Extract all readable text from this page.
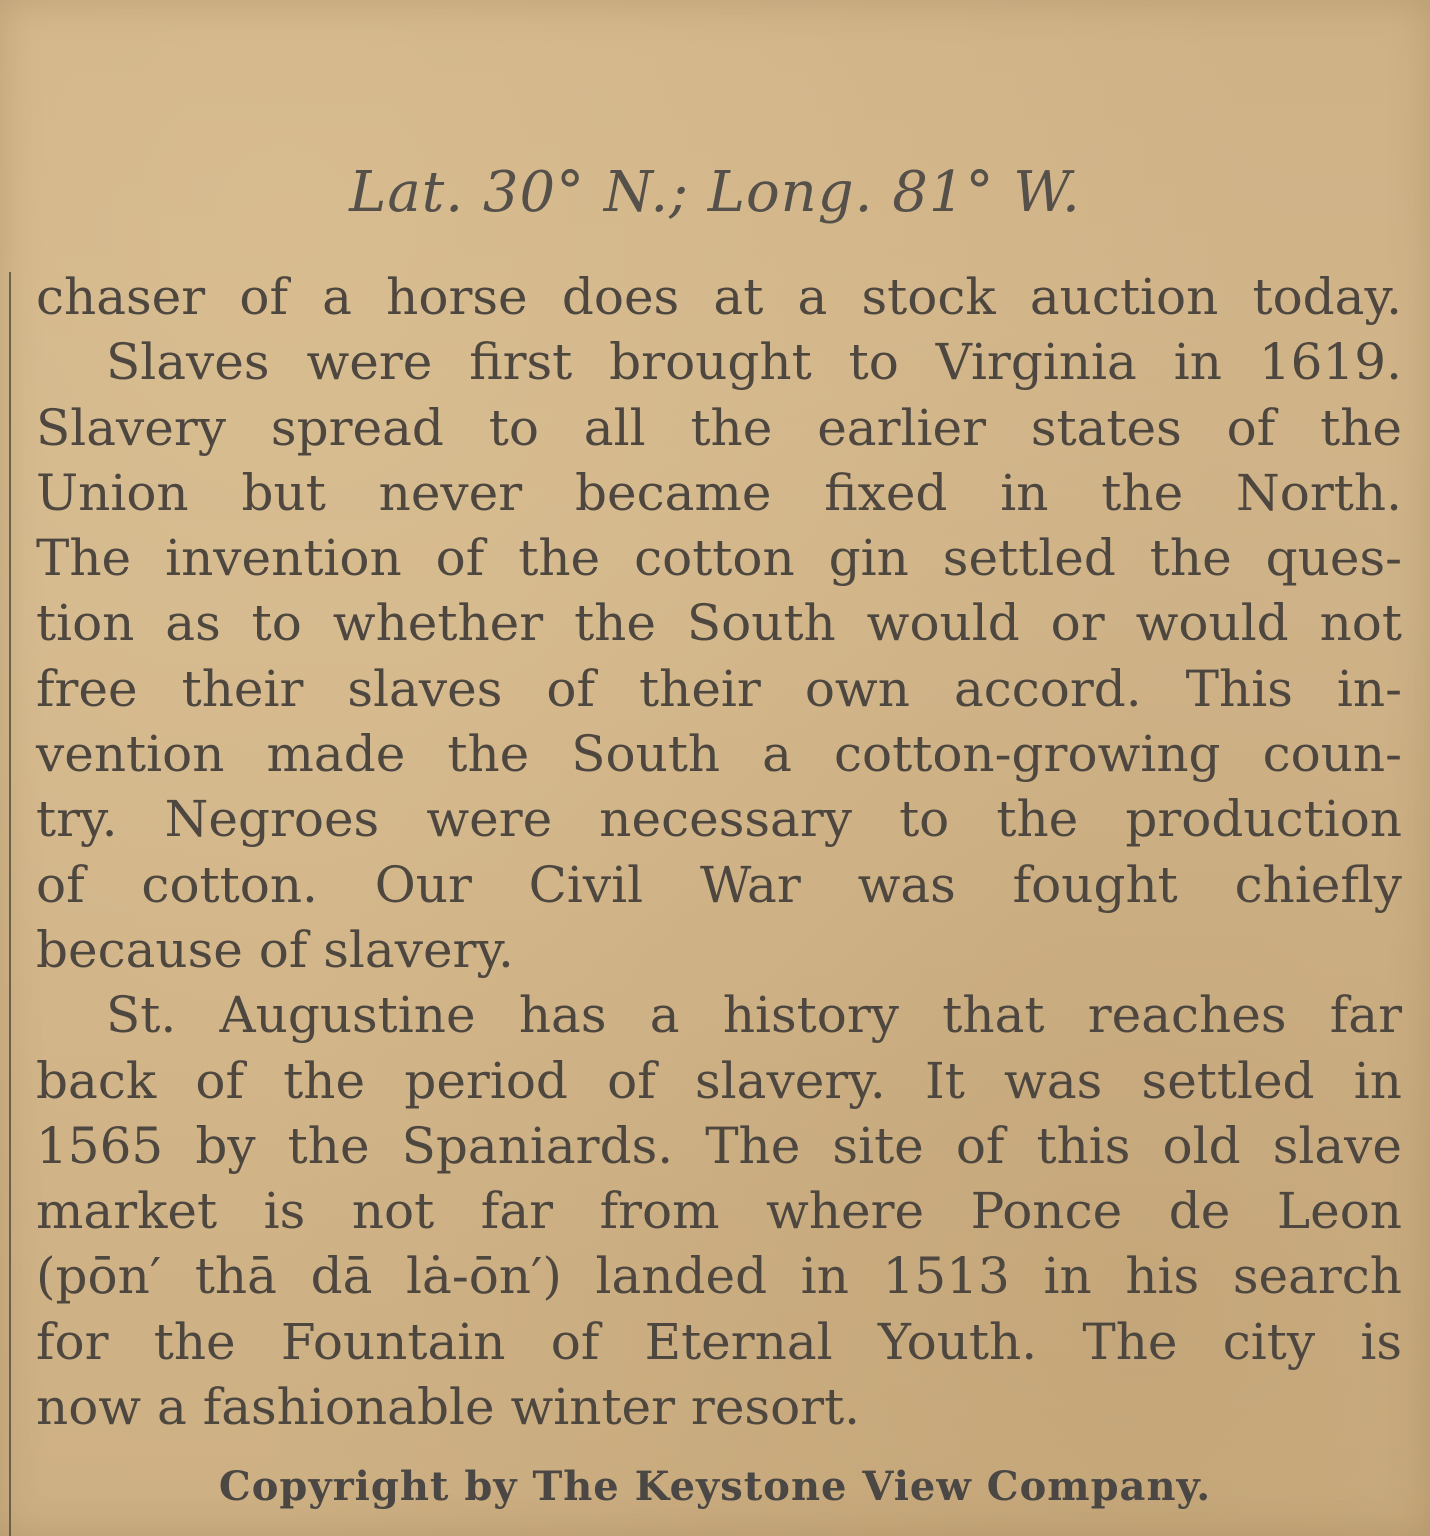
Lat. 30° N.; Long. 81° W.
chaser of a horse does at a stock auction today.
Slaves were first brought to Virginia in 1619.
Slavery spread to all the earlier states of the
Union but never became fixed in the North.
The invention of the cotton gin settled the ques-
tion as to whether the South would or would not
free their slaves of their own accord. This in-
vention made the South a cotton-growing coun-
try. Negroes were necessary to the production
of cotton. Our Civil War was fought chiefly
because of slavery.
St. Augustine has a history that reaches far
back of the period of slavery. It was settled in
1565 by the Spaniards. The site of this old slave
market is not far from where Ponce de Leon
(pōn′ thā dā lȧ-ōn′) landed in 1513 in his search
for the Fountain of Eternal Youth. The city is
now a fashionable winter resort.
Copyright by The Keystone View Company.
